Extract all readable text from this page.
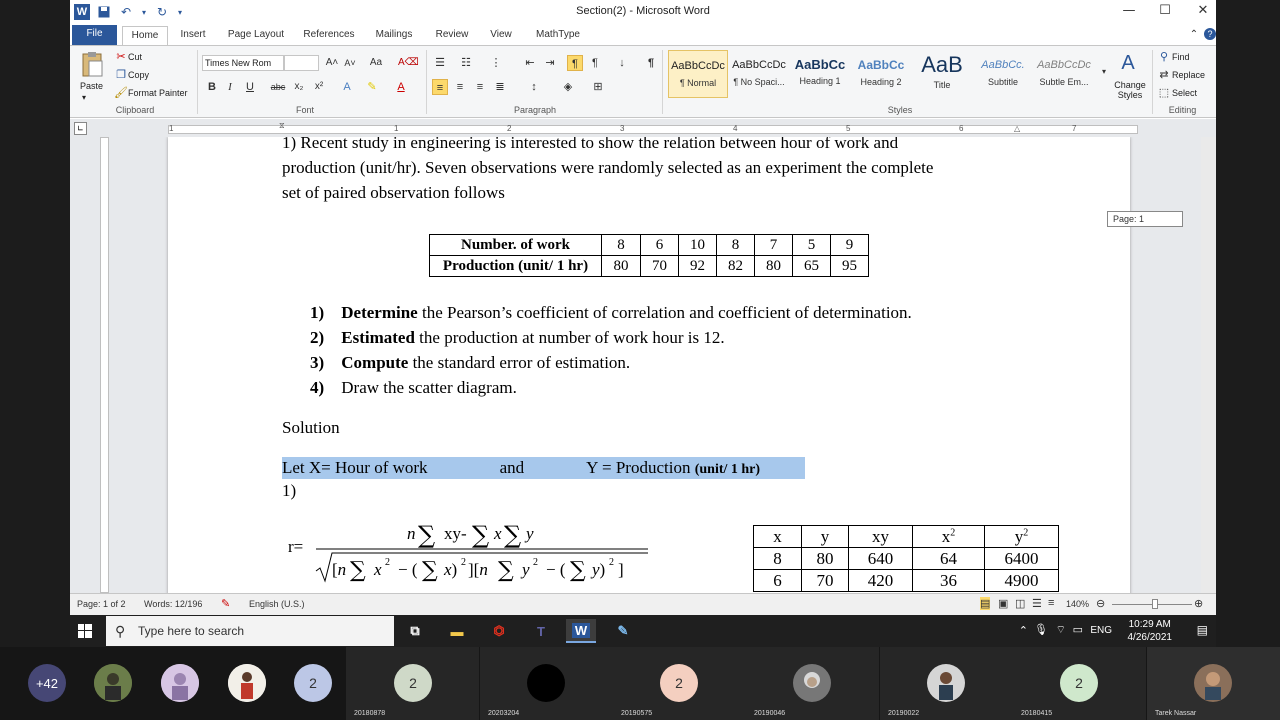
W	↶	▾ ↻	▾	Section(2) - Microsoft Word	—	☐	✕
File	Home	Insert	Page Layout References	Mailings	Review	View	MathType	⌃	?
Paste
▾
✂ Cut
❐ Copy
🖌 Format Painter
Clipboard
Times New Rom	A˄ A˅ Aa A⌫
B	I	U	abc x₂	x²	A	✎	A
Font
☰ ☷ ⋮	⇤ ⇥	¶	¶	↓	¶
≡	≡	≡	≣	↕	◈	⊞
Paragraph
AaBbCcDc
¶ Normal
AaBbCcDc
¶ No Spaci...
AaBbCc
Heading 1
AaBbCc
Heading 2
AaB
Title
AaBbCc.
Subtitle
AaBbCcDc
Subtle Em...
▾ A
Change Styles
Styles
⚲ Find
⇄ Replace
⬚ Select
Editing
∟	1	1	2	3	4	5	6	7
⧖	△
1) Recent study in engineering is interested to show the relation between hour of work and
production (unit/hr). Seven observations were randomly selected as an experiment the complete
set of paired observation follows
Number. of work	8	6	10	8	7	5	9
Production (unit/ 1 hr)	80	70	92	82	80	65	95
1) Determine the Pearson’s coefficient of correlation and coefficient of determination.
2) Estimated the production at number of work hour is 12.
3) Compute the standard error of estimation.
4) Draw the scatter diagram.
Solution
Let X= Hour of work	and	Y = Production (unit/ 1 hr)
1)
r=
n ∑ xy- ∑ x ∑ y
[n ∑ x 2 − ( ∑ x) 2 ][n ∑ y 2 − ( ∑ y) 2 ]
x	y	xy	$x^2$	$y^2$
8	80	640	64	6400
6	70	420	36	4900
Page: 1 of 2 Words: 12/196 ✎ English (U.S.)	▤ ▣ ◫ ☰ ≡ 140% ⊖	⊕
Page: 1
⚲ Type here to search	⧉	▬	⏣	T	W	✎	⌃ 🎙 ⌔ ▭ ENG
10:29 AM
4/26/2021
▤
+42	2	2
20180878	20203204
2
20190575	20190046	20190022
2
20180415	Tarek Nassar
